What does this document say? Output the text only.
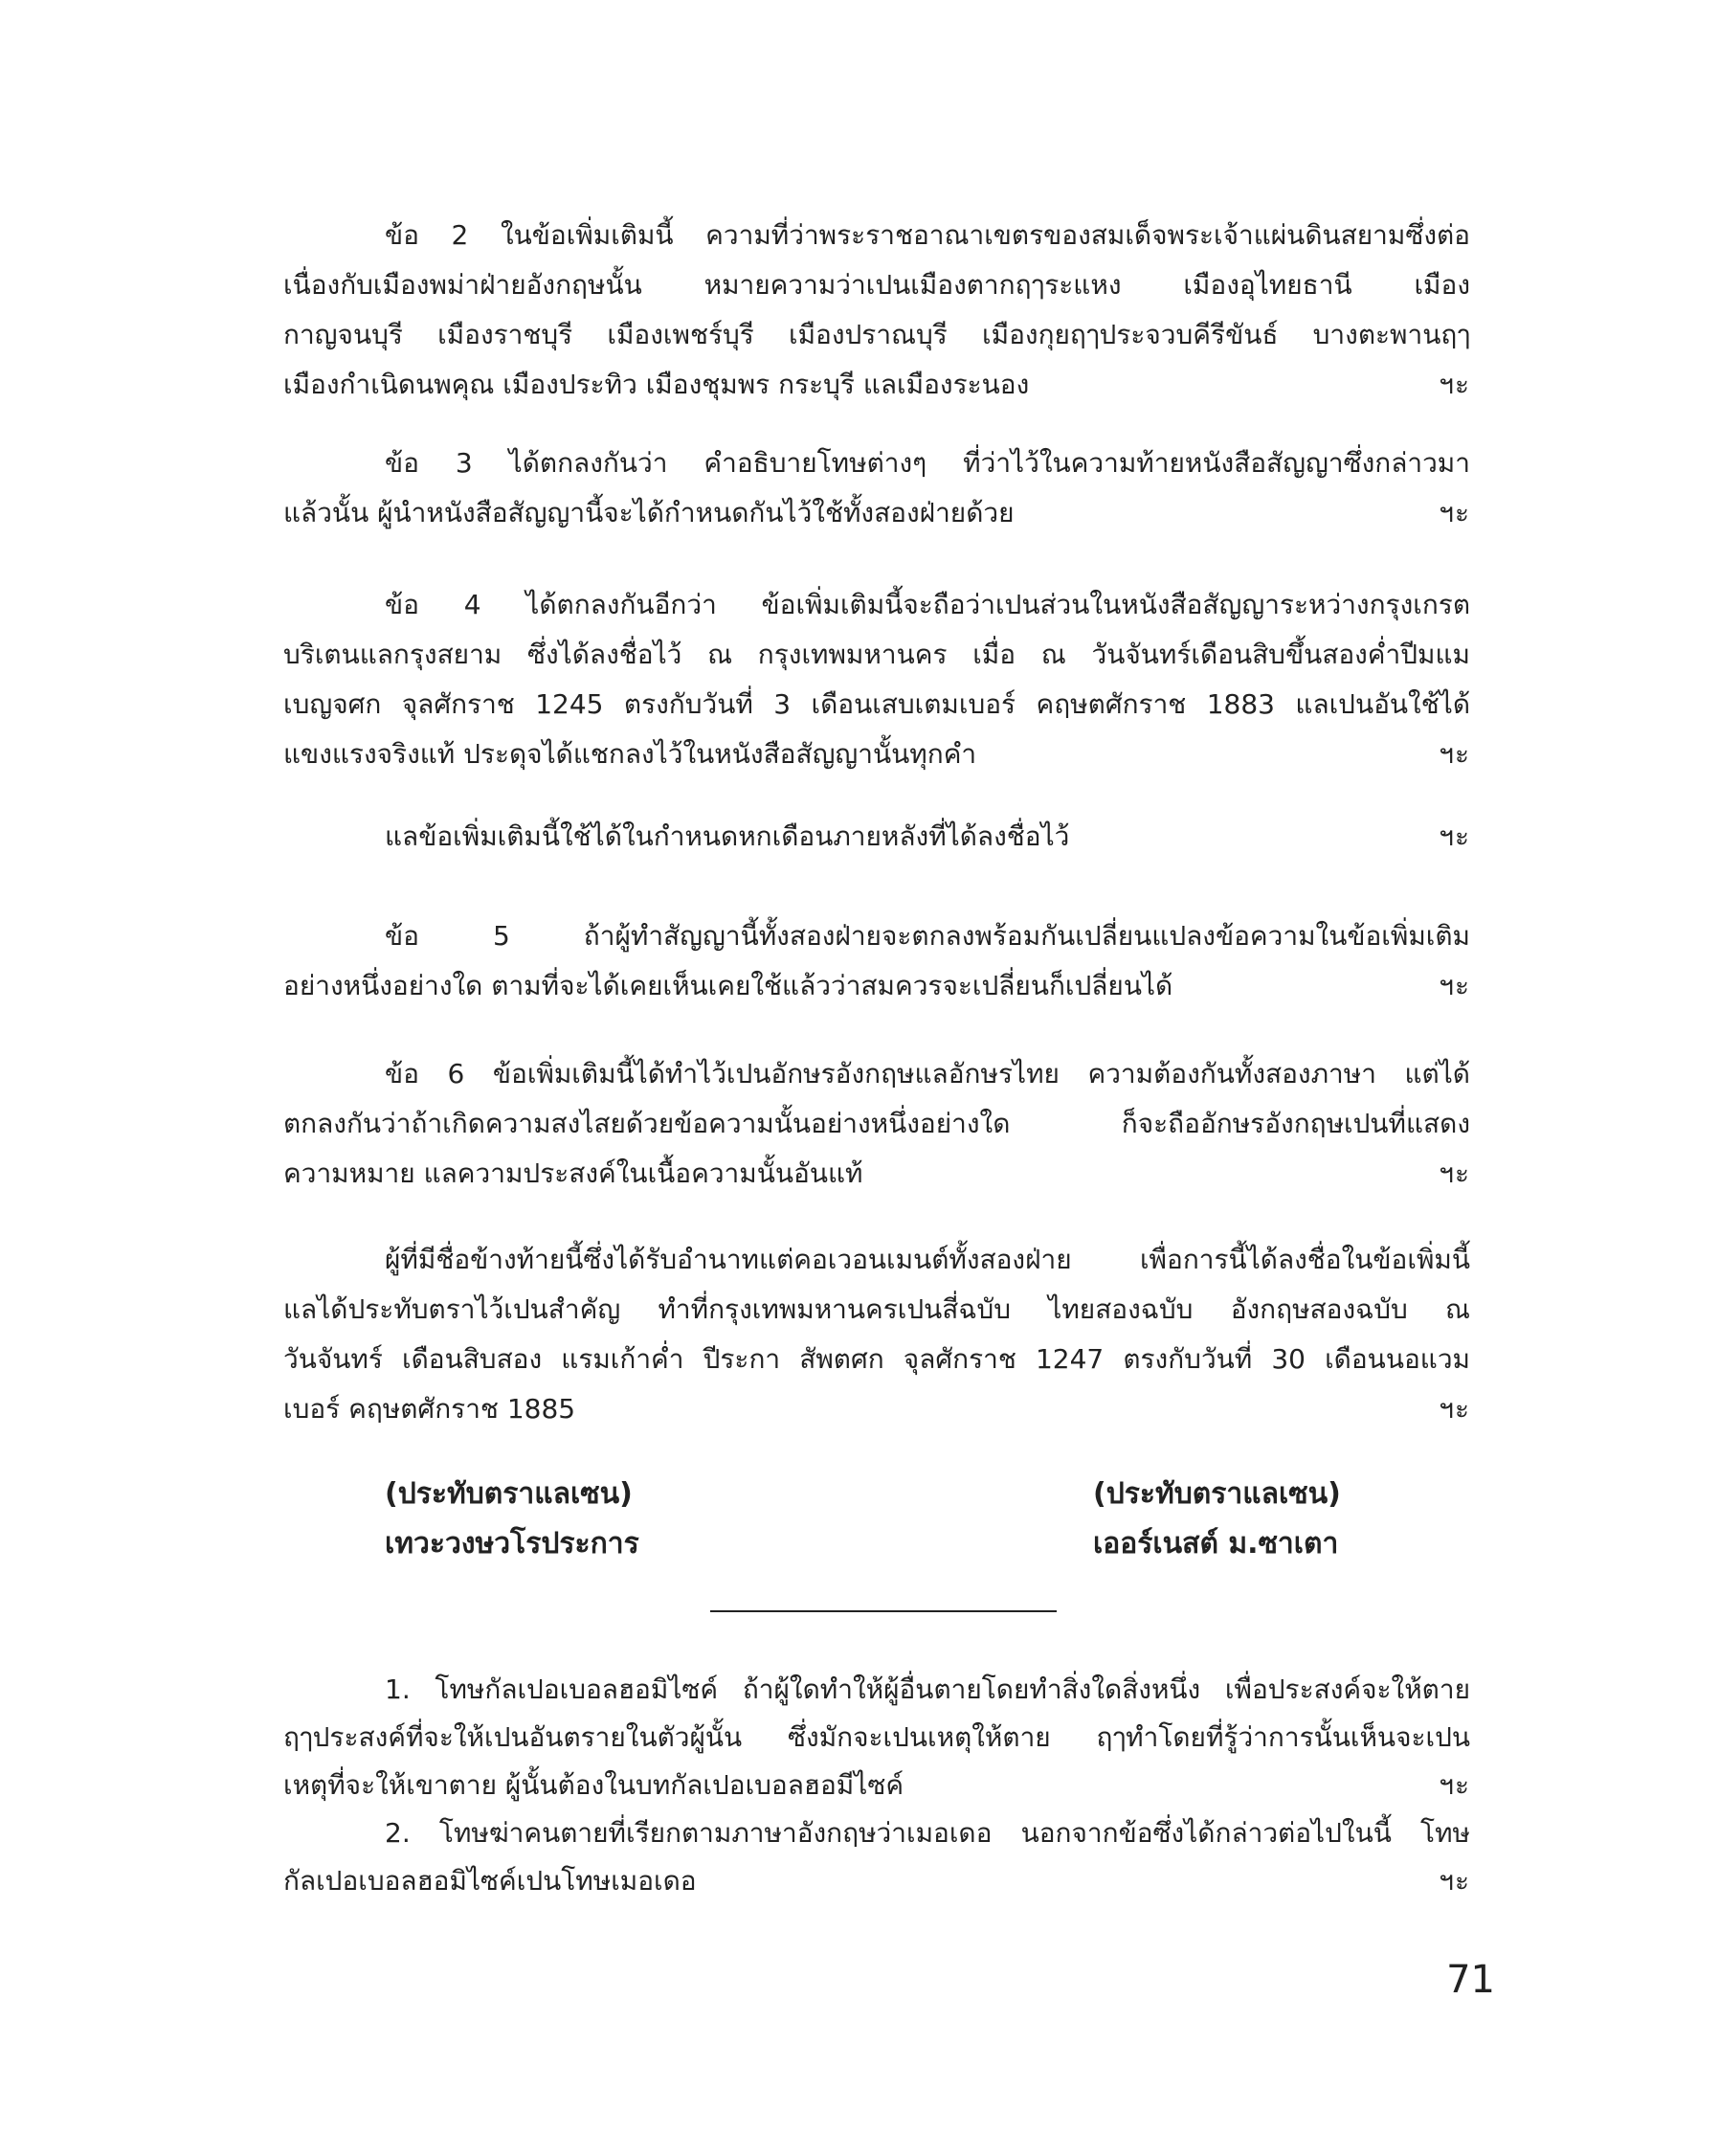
ข้อ 2 ในข้อเพิ่มเติมนี้ ความที่ว่าพระราชอาณาเขตรของสมเด็จพระเจ้าแผ่นดินสยามซึ่งต่อ
เนื่องกับเมืองพม่าฝ่ายอังกฤษนั้น หมายความว่าเปนเมืองตากฤๅระแหง เมืองอุไทยธานี เมือง
กาญจนบุรี เมืองราชบุรี เมืองเพชร์บุรี เมืองปราณบุรี เมืองกุยฤๅประจวบคีรีขันธ์ บางตะพานฤๅ
เมืองกำเนิดนพคุณ เมืองประทิว เมืองชุมพร กระบุรี แลเมืองระนอง	ฯะ
ข้อ 3 ได้ตกลงกันว่า คำอธิบายโทษต่างๆ ที่ว่าไว้ในความท้ายหนังสือสัญญาซึ่งกล่าวมา
แล้วนั้น ผู้นำหนังสือสัญญานี้จะได้กำหนดกันไว้ใช้ทั้งสองฝ่ายด้วย	ฯะ
ข้อ 4 ได้ตกลงกันอีกว่า ข้อเพิ่มเติมนี้จะถือว่าเปนส่วนในหนังสือสัญญาระหว่างกรุงเกรต
บริเตนแลกรุงสยาม ซึ่งได้ลงชื่อไว้ ณ กรุงเทพมหานคร เมื่อ ณ วันจันทร์เดือนสิบขึ้นสองค่ำปีมแม
เบญจศก จุลศักราช 1245 ตรงกับวันที่ 3 เดือนเสบเตมเบอร์ คฤษตศักราช 1883 แลเปนอันใช้ได้
แขงแรงจริงแท้ ประดุจได้แชกลงไว้ในหนังสือสัญญานั้นทุกคำ	ฯะ
แลข้อเพิ่มเติมนี้ใช้ได้ในกำหนดหกเดือนภายหลังที่ได้ลงชื่อไว้	ฯะ
ข้อ 5 ถ้าผู้ทำสัญญานี้ทั้งสองฝ่ายจะตกลงพร้อมกันเปลี่ยนแปลงข้อความในข้อเพิ่มเติม
อย่างหนึ่งอย่างใด ตามที่จะได้เคยเห็นเคยใช้แล้วว่าสมควรจะเปลี่ยนก็เปลี่ยนได้	ฯะ
ข้อ 6 ข้อเพิ่มเติมนี้ได้ทำไว้เปนอักษรอังกฤษแลอักษรไทย ความต้องกันทั้งสองภาษา แต่ได้
ตกลงกันว่าถ้าเกิดความสงไสยด้วยข้อความนั้นอย่างหนึ่งอย่างใด ก็จะถืออักษรอังกฤษเปนที่แสดง
ความหมาย แลความประสงค์ในเนื้อความนั้นอันแท้	ฯะ
ผู้ที่มีชื่อข้างท้ายนี้ซึ่งได้รับอำนาทแต่คอเวอนเมนต์ทั้งสองฝ่าย เพื่อการนี้ได้ลงชื่อในข้อเพิ่มนี้
แลได้ประทับตราไว้เปนสำคัญ ทำที่กรุงเทพมหานครเปนสี่ฉบับ ไทยสองฉบับ อังกฤษสองฉบับ ณ
วันจันทร์ เดือนสิบสอง แรมเก้าค่ำ ปีระกา สัพตศก จุลศักราช 1247 ตรงกับวันที่ 30 เดือนนอแวม
เบอร์ คฤษตศักราช 1885	ฯะ
(ประทับตราแลเซน)
เทวะวงษวโรประการ
(ประทับตราแลเซน)
เออร์เนสต์ ม.ซาเตา
1. โทษกัลเปอเบอลฮอมิไซค์ ถ้าผู้ใดทำให้ผู้อื่นตายโดยทำสิ่งใดสิ่งหนึ่ง เพื่อประสงค์จะให้ตาย
ฤๅประสงค์ที่จะให้เปนอันตรายในตัวผู้นั้น ซึ่งมักจะเปนเหตุให้ตาย ฤๅทำโดยที่รู้ว่าการนั้นเห็นจะเปน
เหตุที่จะให้เขาตาย ผู้นั้นต้องในบทกัลเปอเบอลฮอมีไซค์	ฯะ
2. โทษฆ่าคนตายที่เรียกตามภาษาอังกฤษว่าเมอเดอ นอกจากข้อซึ่งได้กล่าวต่อไปในนี้ โทษ
กัลเปอเบอลฮอมิไซค์เปนโทษเมอเดอ	ฯะ
71
